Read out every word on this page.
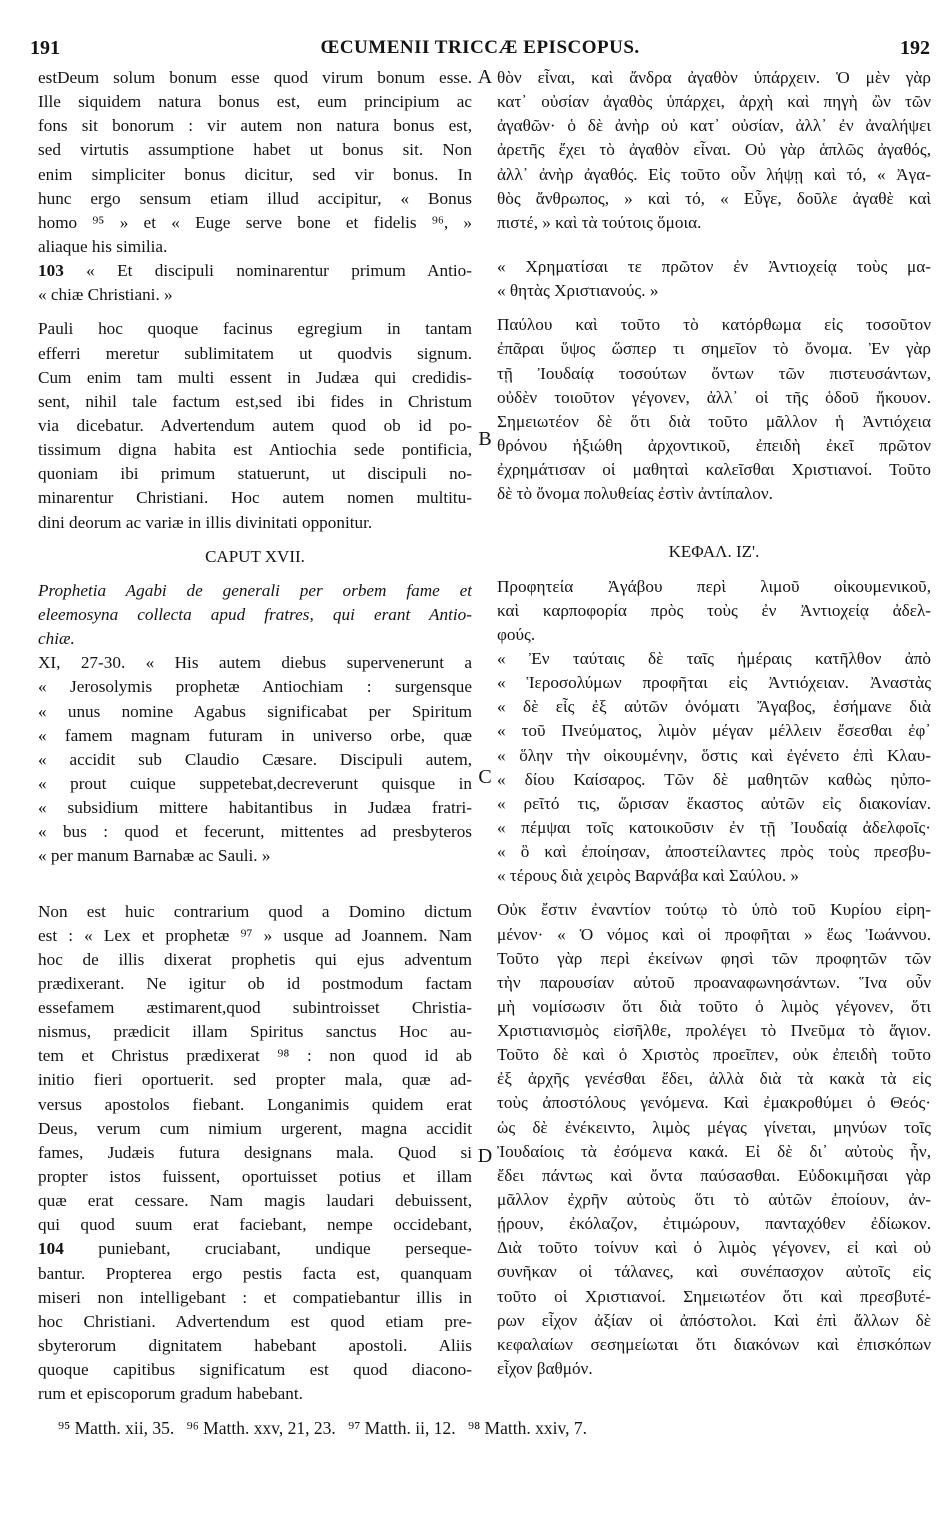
191	ŒCUMENII TRICCÆ EPISCOPUS.	192
A
B
C
D
estDeum solum bonum esse quod virum bonum esse.
Ille siquidem natura bonus est, eum principium ac
fons sit bonorum : vir autem non natura bonus est,
sed virtutis assumptione habet ut bonus sit. Non
enim simpliciter bonus dicitur, sed vir bonus. In
hunc ergo sensum etiam illud accipitur, « Bonus
homo ⁹⁵ » et « Euge serve bone et fidelis ⁹⁶, »
aliaque his similia.
103 « Et discipuli nominarentur primum Antio-
« chiæ Christiani. »
Pauli hoc quoque facinus egregium in tantam
efferri meretur sublimitatem ut quodvis signum.
Cum enim tam multi essent in Judæa qui credidis-
sent, nihil tale factum est,sed ibi fides in Christum
via dicebatur. Advertendum autem quod ob id po-
tissimum digna habita est Antiochia sede pontificia,
quoniam ibi primum statuerunt, ut discipuli no-
minarentur Christiani. Hoc autem nomen multitu-
dini deorum ac variæ in illis divinitati opponitur.
CAPUT XVII.
Prophetia Agabi de generali per orbem fame et
eleemosyna collecta apud fratres, qui erant Antio-
chiæ.
XI, 27-30. « His autem diebus supervenerunt a
« Jerosolymis prophetæ Antiochiam : surgensque
« unus nomine Agabus significabat per Spiritum
« famem magnam futuram in universo orbe, quæ
« accidit sub Claudio Cæsare. Discipuli autem,
« prout cuique suppetebat,decreverunt quisque in
« subsidium mittere habitantibus in Judæa fratri-
« bus : quod et fecerunt, mittentes ad presbyteros
« per manum Barnabæ ac Sauli. »
Non est huic contrarium quod a Domino dictum
est : « Lex et prophetæ ⁹⁷ » usque ad Joannem. Nam
hoc de illis dixerat prophetis qui ejus adventum
prædixerant. Ne igitur ob id postmodum factam
essefamem æstimarent,quod subintroisset Christia-
nismus, prædicit illam Spiritus sanctus Hoc au-
tem et Christus prædixerat ⁹⁸ : non quod id ab
initio fieri oportuerit. sed propter mala, quæ ad-
versus apostolos fiebant. Longanimis quidem erat
Deus, verum cum nimium urgerent, magna accidit
fames, Judæis futura designans mala. Quod si
propter istos fuissent, oportuisset potius et illam
quæ erat cessare. Nam magis laudari debuissent,
qui quod suum erat faciebant, nempe occidebant,
104 puniebant, cruciabant, undique perseque-
bantur. Propterea ergo pestis facta est, quanquam
miseri non intelligebant : et compatiebantur illis in
hoc Christiani. Advertendum est quod etiam pre-
sbyterorum dignitatem habebant apostoli. Aliis
quoque capitibus significatum est quod diacono-
rum et episcoporum gradum habebant.
θὸν εἶναι, καὶ ἄνδρα ἀγαθὸν ὑπάρχειν. Ὁ μὲν γὰρ
κατ᾽ οὐσίαν ἀγαθὸς ὑπάρχει, ἀρχὴ καὶ πηγὴ ὢν τῶν
ἀγαθῶν· ὁ δὲ ἀνὴρ οὐ κατ᾽ οὐσίαν, ἀλλ᾽ ἐν ἀναλήψει
ἀρετῆς ἔχει τὸ ἀγαθὸν εἶναι. Οὐ γὰρ ἁπλῶς ἀγαθός,
ἀλλ᾽ ἀνὴρ ἀγαθός. Εἰς τοῦτο οὖν λήψῃ καὶ τό, « Ἀγα-
θὸς ἄνθρωπος, » καὶ τό, « Εὖγε, δοῦλε ἀγαθὲ καὶ
πιστέ, » καὶ τὰ τούτοις ὅμοια.
« Χρηματίσαι τε πρῶτον ἐν Ἀντιοχείᾳ τοὺς μα-
« θητὰς Χριστιανούς. »
Παύλου καὶ τοῦτο τὸ κατόρθωμα εἰς τοσοῦτον
ἐπᾶραι ὕψος ὥσπερ τι σημεῖον τὸ ὄνομα. Ἐν γὰρ
τῇ Ἰουδαίᾳ τοσούτων ὄντων τῶν πιστευσάντων,
οὐδὲν τοιοῦτον γέγονεν, ἀλλ᾽ οἱ τῆς ὁδοῦ ἤκουον.
Σημειωτέον δὲ ὅτι διὰ τοῦτο μᾶλλον ἡ Ἀντιόχεια
θρόνου ἠξιώθη ἀρχοντικοῦ, ἐπειδὴ ἐκεῖ πρῶτον
ἐχρημάτισαν οἱ μαθηταὶ καλεῖσθαι Χριστιανοί. Τοῦτο
δὲ τὸ ὄνομα πολυθείας ἐστὶν ἀντίπαλον.
ΚΕΦΑΛ. ΙΖ'.
Προφητεία Ἀγάβου περὶ λιμοῦ οἰκουμενικοῦ,
καὶ καρποφορία πρὸς τοὺς ἐν Ἀντιοχείᾳ ἀδελ-
φούς.
« Ἐν ταύταις δὲ ταῖς ἡμέραις κατῆλθον ἀπὸ
« Ἱεροσολύμων προφῆται εἰς Ἀντιόχειαν. Ἀναστὰς
« δὲ εἷς ἐξ αὐτῶν ὀνόματι Ἄγαβος, ἐσήμανε διὰ
« τοῦ Πνεύματος, λιμὸν μέγαν μέλλειν ἔσεσθαι ἐφ᾽
« ὅλην τὴν οἰκουμένην, ὅστις καὶ ἐγένετο ἐπὶ Κλαυ-
« δίου Καίσαρος. Τῶν δὲ μαθητῶν καθὼς ηὐπο-
« ρεῖτό τις, ὥρισαν ἕκαστος αὐτῶν εἰς διακονίαν.
« πέμψαι τοῖς κατοικοῦσιν ἐν τῇ Ἰουδαίᾳ ἀδελφοῖς·
« ὃ καὶ ἐποίησαν, ἀποστείλαντες πρὸς τοὺς πρεσβυ-
« τέρους διὰ χειρὸς Βαρνάβα καὶ Σαύλου. »
Οὐκ ἔστιν ἐναντίον τούτῳ τὸ ὑπὸ τοῦ Κυρίου εἰρη-
μένον· « Ὁ νόμος καὶ οἱ προφῆται » ἕως Ἰωάννου.
Τοῦτο γὰρ περὶ ἐκείνων φησὶ τῶν προφητῶν τῶν
τὴν παρουσίαν αὐτοῦ προαναφωνησάντων. Ἵνα οὖν
μὴ νομίσωσιν ὅτι διὰ τοῦτο ὁ λιμὸς γέγονεν, ὅτι
Χριστιανισμὸς εἰσῆλθε, προλέγει τὸ Πνεῦμα τὸ ἅγιον.
Τοῦτο δὲ καὶ ὁ Χριστὸς προεῖπεν, οὐκ ἐπειδὴ τοῦτο
ἐξ ἀρχῆς γενέσθαι ἔδει, ἀλλὰ διὰ τὰ κακὰ τὰ εἰς
τοὺς ἀποστόλους γενόμενα. Καὶ ἐμακροθύμει ὁ Θεός·
ὡς δὲ ἐνέκειντο, λιμὸς μέγας γίνεται, μηνύων τοῖς
Ἰουδαίοις τὰ ἐσόμενα κακά. Εἰ δὲ δι᾽ αὐτοὺς ἦν,
ἔδει πάντως καὶ ὄντα παύσασθαι. Εὐδοκιμῆσαι γὰρ
μᾶλλον ἐχρῆν αὐτοὺς ὅτι τὸ αὐτῶν ἐποίουν, ἀν-
ῄρουν, ἐκόλαζον, ἐτιμώρουν, πανταχόθεν ἐδίωκον.
Διὰ τοῦτο τοίνυν καὶ ὁ λιμὸς γέγονεν, εἰ καὶ οὐ
συνῆκαν οἱ τάλανες, καὶ συνέπασχον αὐτοῖς εἰς
τοῦτο οἱ Χριστιανοί. Σημειωτέον ὅτι καὶ πρεσβυτέ-
ρων εἶχον ἀξίαν οἱ ἀπόστολοι. Καὶ ἐπὶ ἄλλων δὲ
κεφαλαίων σεσημείωται ὅτι διακόνων καὶ ἐπισκόπων
εἶχον βαθμόν.
⁹⁵ Matth. xii, 35. ⁹⁶ Matth. xxv, 21, 23. ⁹⁷ Matth. ii, 12. ⁹⁸ Matth. xxiv, 7.
